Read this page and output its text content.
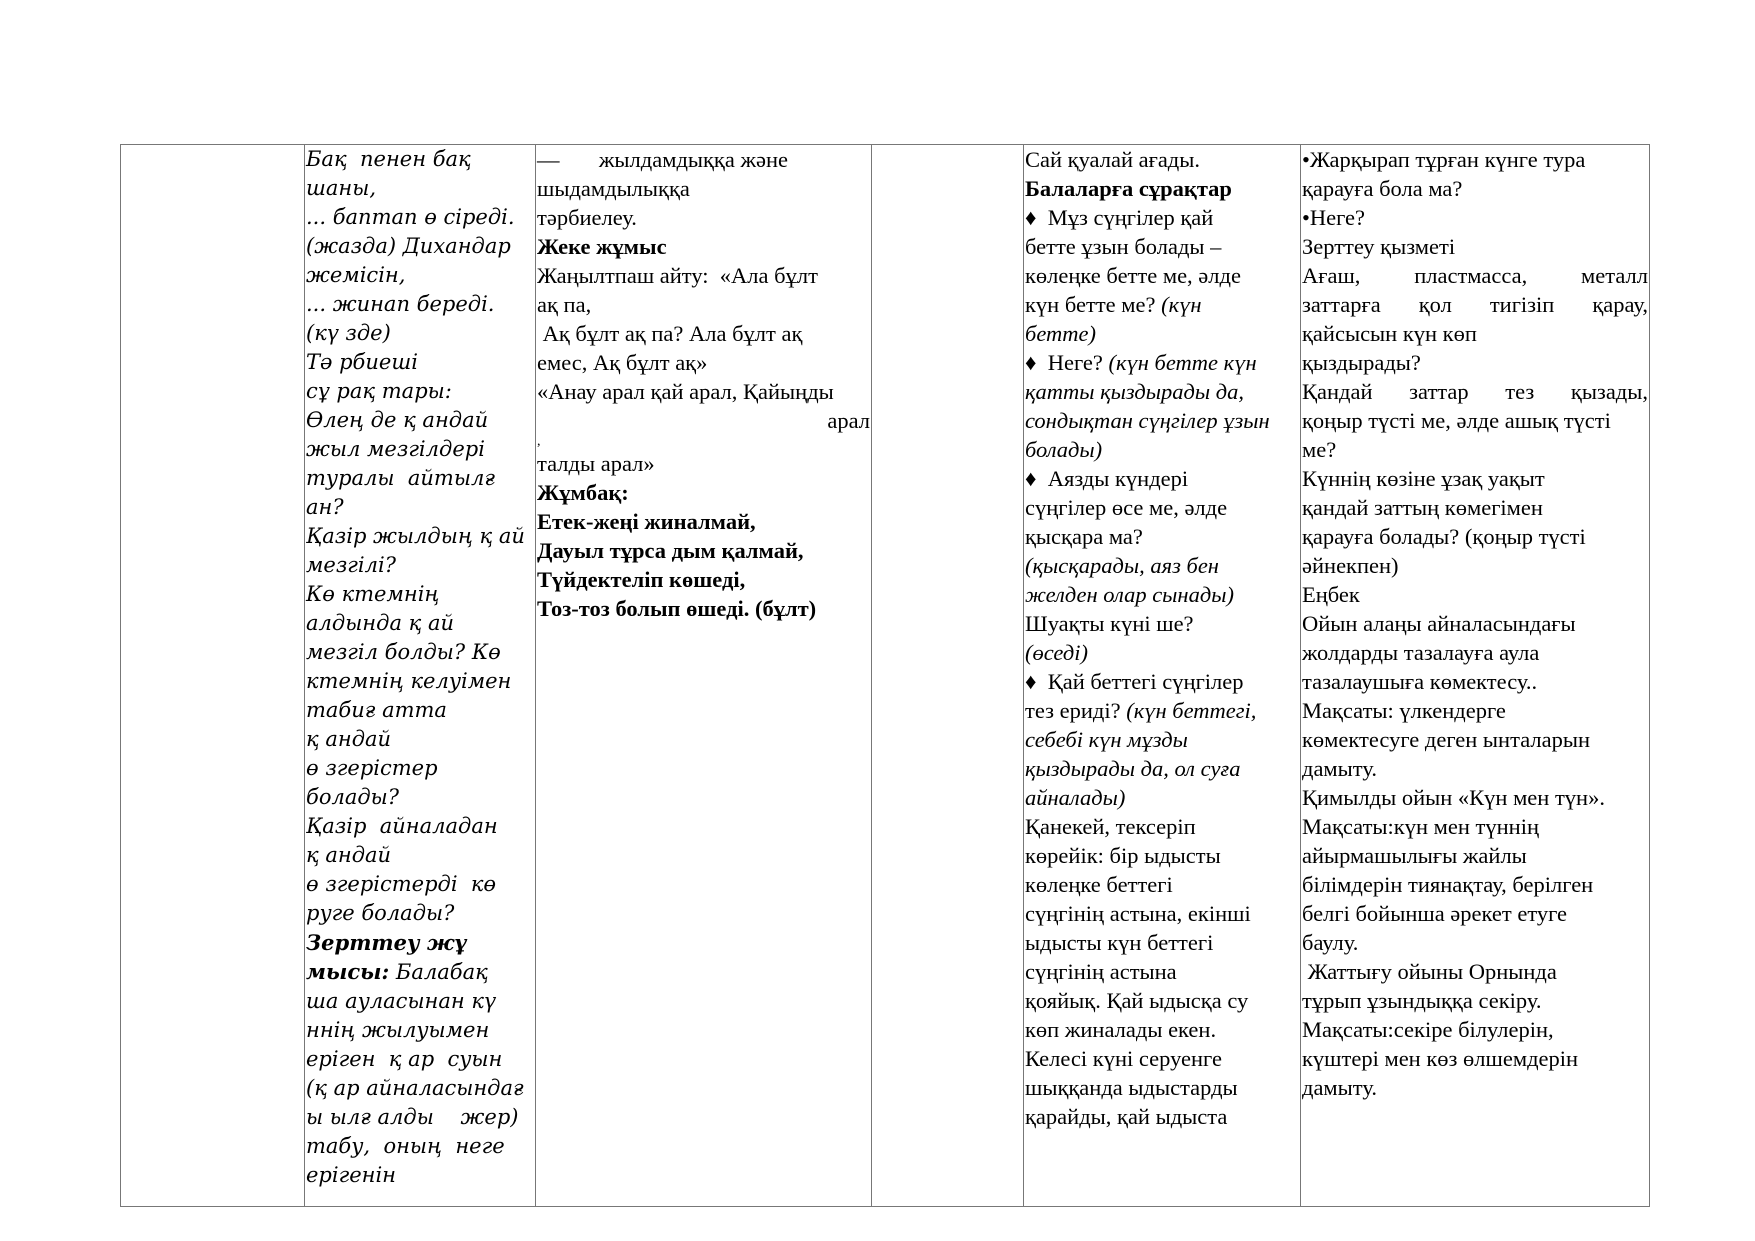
Бақ  пенен бақ
шаны,
... баптап ө сіреді.
(жазда) Дихандар
жемісін,
... жинап береді.
(кү зде)
Тә рбиеші
сұ рақ тары:
Өлең де қ андай
жыл мезгілдері
туралы  айтылғ
ан?
Қазір жылдың қ ай
мезгілі?
Кө ктемнің
алдында қ ай
мезгіл болды? Кө
ктемнің келуімен
табиғ атта
қ андай
ө згерістер
болады?
Қазір  айналадан
қ андай
ө згерістерді  кө
руге болады?
Зерттеу жұ
мысы: Балабақ
ша ауласынан кү
ннің жылуымен
еріген  қ ар  суын
(қ ар айналасындағ
ы ылғ алды    жер)
табу,  оның  неге
ерігенін

—       жылдамдыққа және
шыдамдылыққа
тәрбиелеу.
Жеке жұмыс
Жаңылтпаш айту:  «Ала бұлт
ақ па,
Ақ бұлт ақ па? Ала бұлт ақ
емес, Ақ бұлт ақ»
«Анау арал қай арал, Қайыңды
арал
,
талды арал»
Жұмбақ:
Етек-жеңі жиналмай,
Дауыл тұрса дым қалмай,
Түйдектеліп көшеді,
Тоз-тоз болып өшеді. (бұлт)

Сай қуалай ағады.
Балаларға сұрақтар
♦  Мұз сүңгілер қай
бетте ұзын болады –
көлеңке бетте ме, әлде
күн бетте ме? (күн
бетте)
♦  Неге? (күн бетте күн
қатты қыздырады да,
сондықтан сүңгілер ұзын
болады)
♦  Аязды күндері
сүңгілер өсе ме, әлде
қысқара ма?
(қысқарады, аяз бен
желден олар сынады)
Шуақты күні ше?
(өседі)
♦  Қай беттегі сүңгілер
тез ериді? (күн беттегі,
себебі күн мұзды
қыздырады да, ол суға
айналады)
Қанекей, тексеріп
көрейік: бір ыдысты
көлеңке беттегі
сүңгінің астына, екінші
ыдысты күн беттегі
сүңгінің астына
қояйық. Қай ыдысқа су
көп жиналады екен.
Келесі күні серуенге
шыққанда ыдыстарды
қарайды, қай ыдыста

•Жарқырап тұрған күнге тура
қарауға бола ма?
•Неге?
Зерттеу қызметі
Ағаш, пластмасса, металл
заттарға қол тигізіп қарау,
қайсысын күн көп
қыздырады?
Қандай заттар тез қызады,
қоңыр түсті ме, әлде ашық түсті
ме?
Күннің көзіне ұзақ уақыт
қандай заттың көмегімен
қарауға болады? (қоңыр түсті
әйнекпен)
Еңбек
Ойын алаңы айналасындағы
жолдарды тазалауға аула
тазалаушыға көмектесу..
Мақсаты: үлкендерге
көмектесуге деген ынталарын
дамыту.
Қимылды ойын «Күн мен түн».
Мақсаты:күн мен түннің
айырмашылығы жайлы
білімдерін тиянақтау, берілген
белгі бойынша әрекет етуге
баулу.
Жаттығу ойыны Орнында
тұрып ұзындыққа секіру.
Мақсаты:секіре білулерін,
күштері мен көз өлшемдерін
дамыту.
